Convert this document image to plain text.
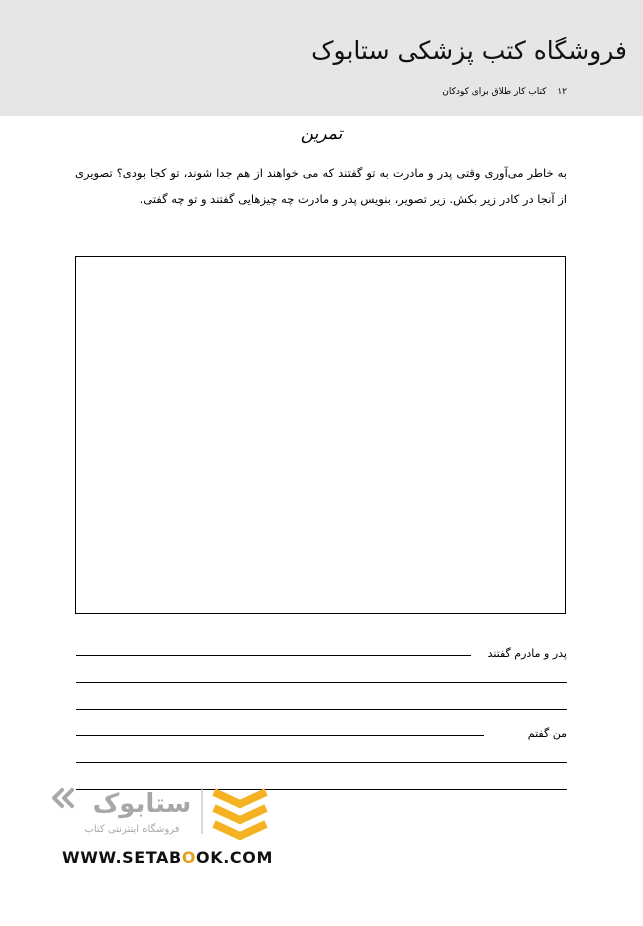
فروشگاه کتب پزشکی ستابوک
۱۲ کتاب کار طلاق برای کودکان
تمرین
به خاطر می‌آوری وقتی پدر و مادرت به تو گفتند که می خواهند از هم جدا شوند، تو کجا بودی؟ تصویری از آنجا در کادر زیر بکش. زیر تصویر، بنویس پدر و مادرت چه چیزهایی گفتند و تو چه گفتی.
پدر و مادرم گفتند
من گفتم
ستابوک
فروشگاه اینترنتی کتاب
WWW.SETABOOK.COM
